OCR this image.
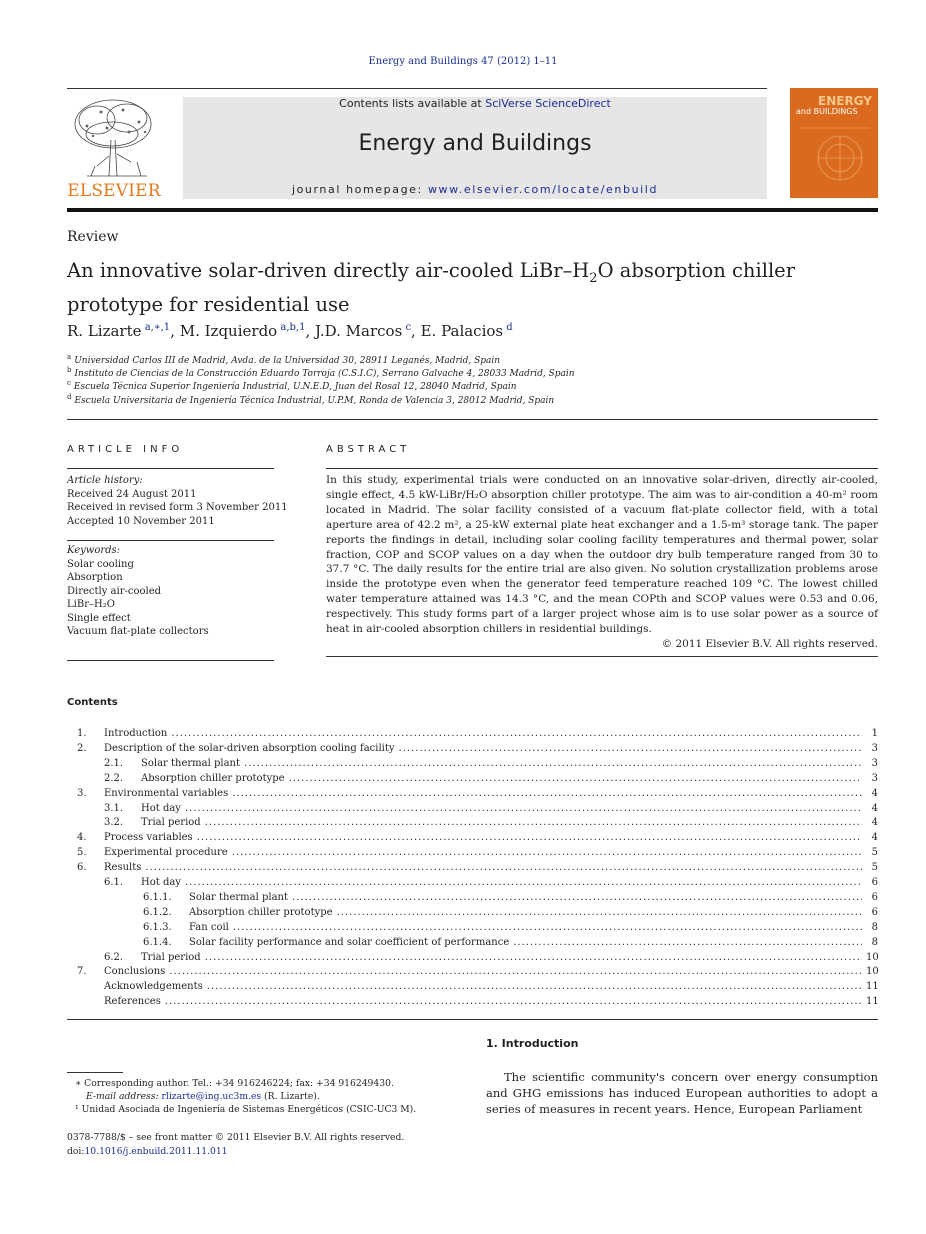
Energy and Buildings 47 (2012) 1–11
Contents lists available at SciVerse ScienceDirect
Energy and Buildings
journal homepage: www.elsevier.com/locate/enbuild
ELSEVIER
ENERGY
and BUILDINGS
Review
An innovative solar-driven directly air-cooled LiBr–$H_2O$ absorption chiller
prototype for residential use
R. Lizarte $^{a,∗,1}$, M. Izquierdo $^{a,b,1}$, J.D. Marcos $^c$, E. Palacios $^d$
$^a$ Universidad Carlos III de Madrid, Avda. de la Universidad 30, 28911 Leganés, Madrid, Spain
$^b$ Instituto de Ciencias de la Construcción Eduardo Torroja (C.S.I.C), Serrano Galvache 4, 28033 Madrid, Spain
$^c$ Escuela Técnica Superior Ingeniería Industrial, U.N.E.D, Juan del Rosal 12, 28040 Madrid, Spain
$^d$ Escuela Universitaria de Ingeniería Técnica Industrial, U.P.M, Ronda de Valencia 3, 28012 Madrid, Spain
ARTICLE INFO
Article history:
Received 24 August 2011
Received in revised form 3 November 2011
Accepted 10 November 2011
Keywords:
Solar cooling
Absorption
Directly air-cooled
LiBr–H₂O
Single effect
Vacuum flat-plate collectors
ABSTRACT
In this study, experimental trials were conducted on an innovative solar-driven, directly air-cooled, single effect, 4.5 kW-LiBr/H₂O absorption chiller prototype. The aim was to air-condition a 40-m² room located in Madrid. The solar facility consisted of a vacuum flat-plate collector field, with a total aperture area of 42.2 m², a 25-kW external plate heat exchanger and a 1.5-m³ storage tank. The paper reports the findings in detail, including solar cooling facility temperatures and thermal power, solar fraction, COP and SCOP values on a day when the outdoor dry bulb temperature ranged from 30 to 37.7 °C. The daily results for the entire trial are also given. No solution crystallization problems arose inside the prototype even when the generator feed temperature reached 109 °C. The lowest chilled water temperature attained was 14.3 °C, and the mean COPth and SCOP values were 0.53 and 0.06, respectively. This study forms part of a larger project whose aim is to use solar power as a source of heat in air-cooled absorption chillers in residential buildings.
© 2011 Elsevier B.V. All rights reserved.
Contents
1. Introduction .....	1
2. Description of the solar-driven absorption cooling facility .....	3
2.1. Solar thermal plant .....	3
2.2. Absorption chiller prototype .....	3
3. Environmental variables .....	4
3.1. Hot day .....	4
3.2. Trial period .....	4
4. Process variables .....	4
5. Experimental procedure .....	5
6. Results .....	5
6.1. Hot day .....	6
6.1.1. Solar thermal plant .....	6
6.1.2. Absorption chiller prototype .....	6
6.1.3. Fan coil .....	8
6.1.4. Solar facility performance and solar coefficient of performance .....	8
6.2. Trial period .....	10
7. Conclusions .....	10
Acknowledgements .....	11
References .....	11
∗ Corresponding author. Tel.: +34 916246224; fax: +34 916249430.
E-mail address: rlizarte@ing.uc3m.es (R. Lizarte).
¹ Unidad Asociada de Ingeniería de Sistemas Energéticos (CSIC-UC3 M).
0378-7788/$ – see front matter © 2011 Elsevier B.V. All rights reserved.
doi:10.1016/j.enbuild.2011.11.011
1. Introduction
The scientific community's concern over energy consumption and GHG emissions has induced European authorities to adopt a series of measures in recent years. Hence, European Parliament
